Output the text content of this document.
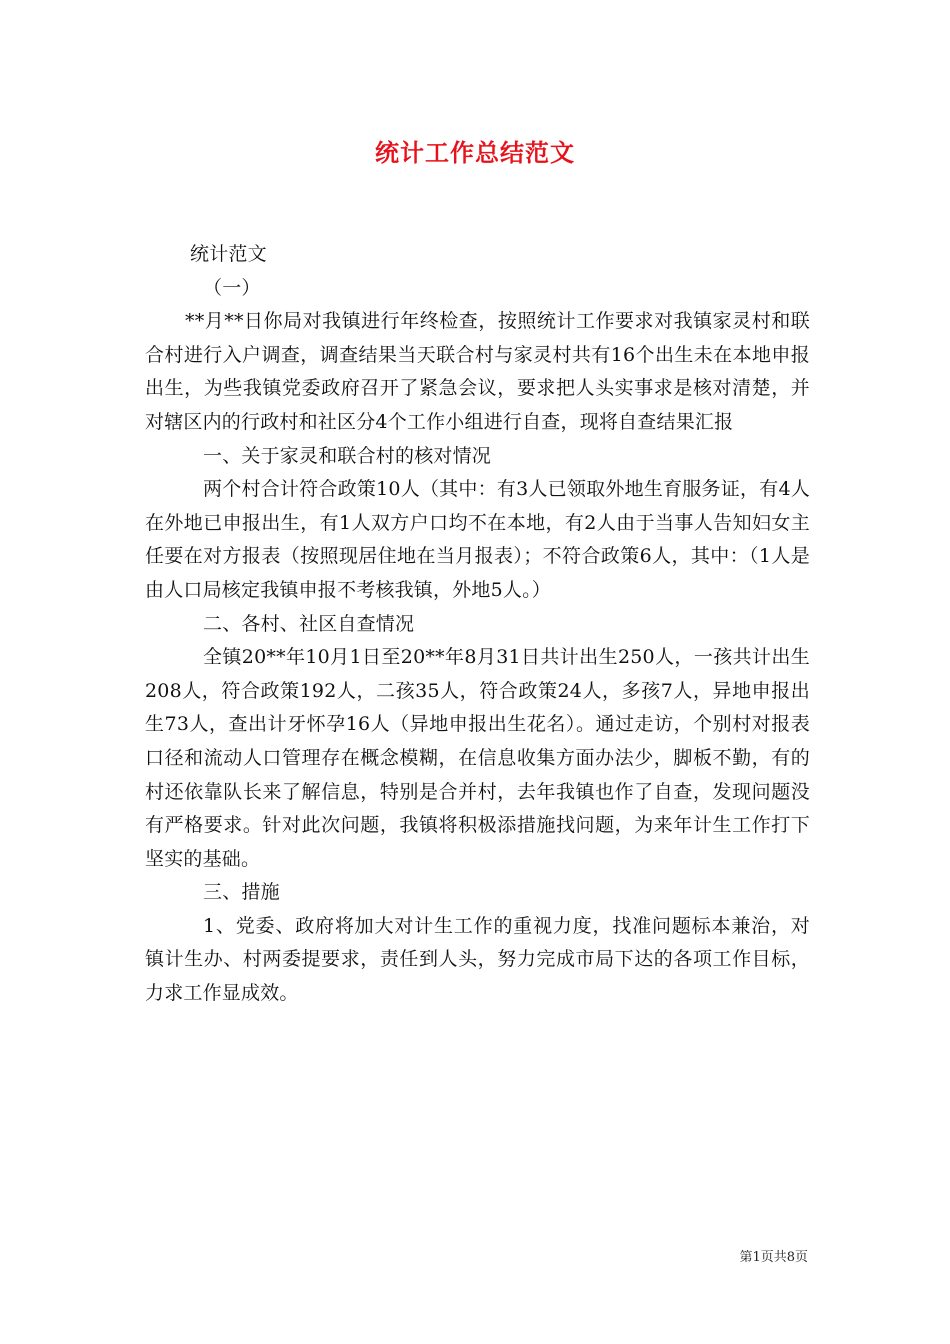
统计工作总结范文
统计范文
（一）

**月**日你局对我镇进行年终检查，按照统计工作要求对我镇家灵村和联合村进行入户调查，调查结果当天联合村与家灵村共有16个出生未在本地申报出生，为些我镇党委政府召开了紧急会议，要求把人头实事求是核对清楚，并对辖区内的行政村和社区分4个工作小组进行自查，现将自查结果汇报

一、关于家灵和联合村的核对情况

两个村合计符合政策10人（其中：有3人已领取外地生育服务证，有4人在外地已申报出生，有1人双方户口均不在本地，有2人由于当事人告知妇女主任要在对方报表（按照现居住地在当月报表）；不符合政策6人，其中：（1人是由人口局核定我镇申报不考核我镇，外地5人。）

二、各村、社区自查情况

全镇20**年10月1日至20**年8月31日共计出生250人，一孩共计出生208人，符合政策192人，二孩35人，符合政策24人，多孩7人，异地申报出生73人，查出计牙怀孕16人（异地申报出生花名）。通过走访，个别村对报表口径和流动人口管理存在概念模糊，在信息收集方面办法少，脚板不勤，有的村还依靠队长来了解信息，特别是合并村，去年我镇也作了自查，发现问题没有严格要求。针对此次问题，我镇将积极添措施找问题，为来年计生工作打下坚实的基础。

三、措施

1、党委、政府将加大对计生工作的重视力度，找准问题标本兼治，对镇计生办、村两委提要求，责任到人头，努力完成市局下达的各项工作目标，力求工作显成效。

第1页共8页
